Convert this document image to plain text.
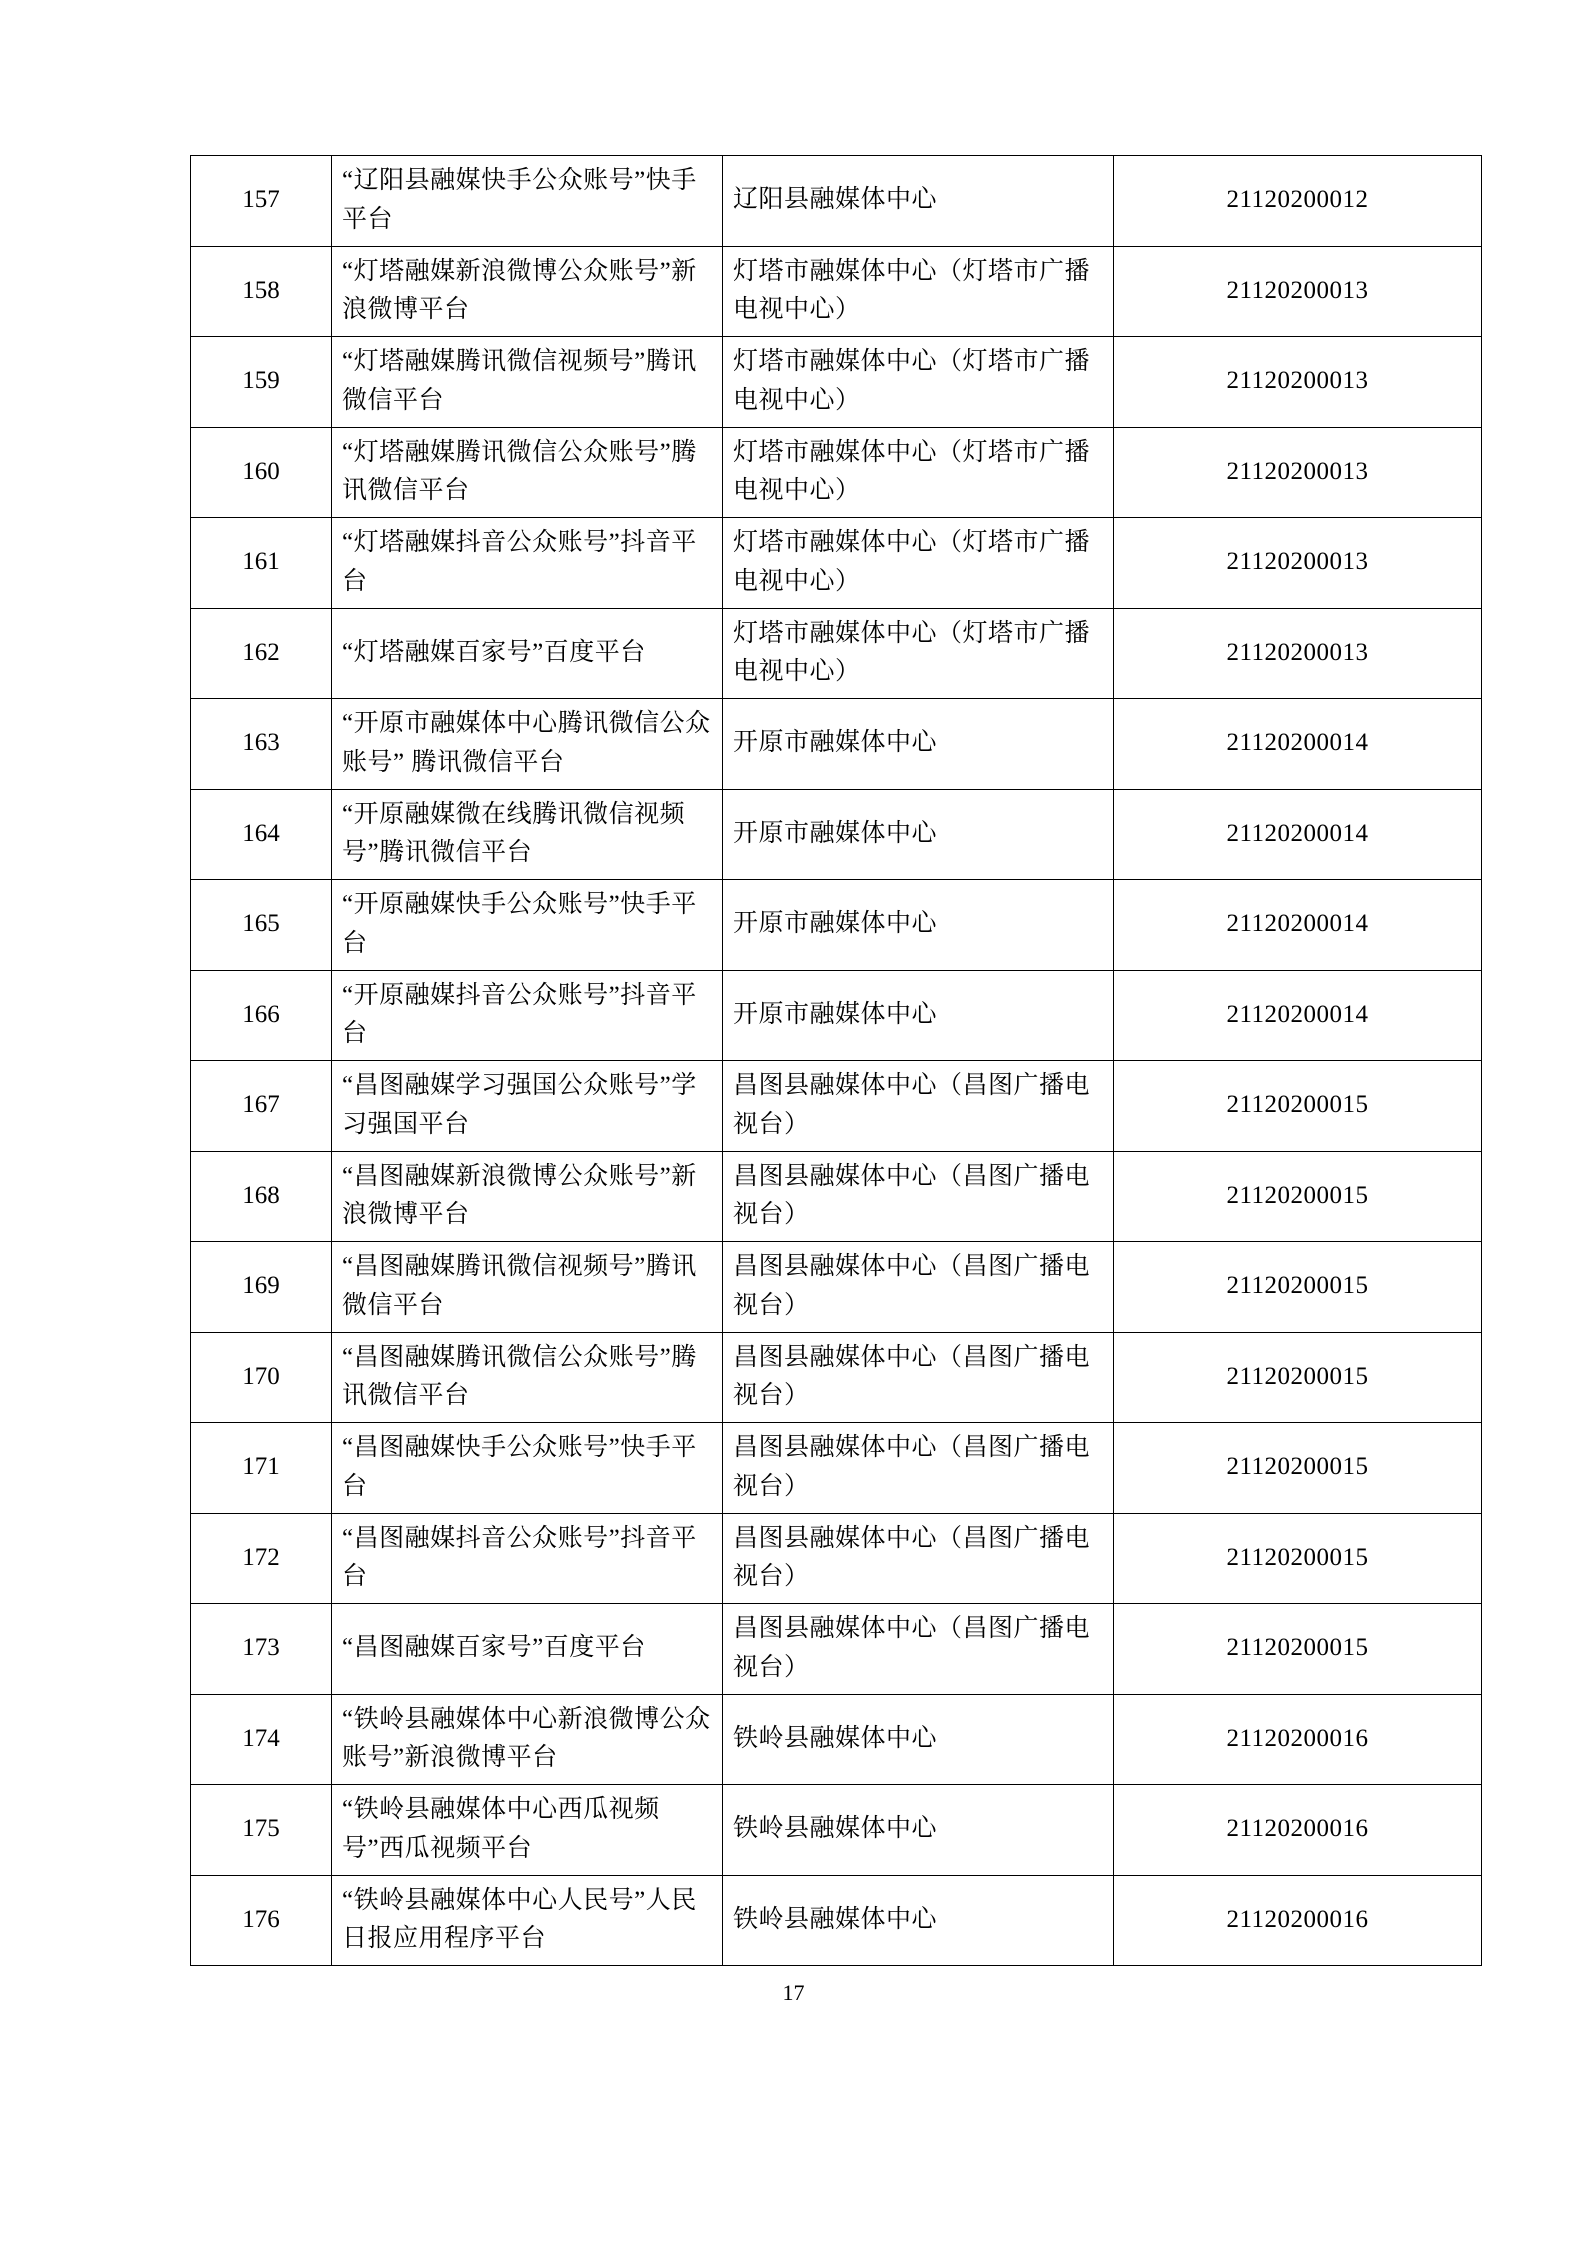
157	“辽阳县融媒快手公众账号”快手平台	辽阳县融媒体中心	21120200012
158	“灯塔融媒新浪微博公众账号”新浪微博平台	灯塔市融媒体中心（灯塔市广播电视中心）	21120200013
159	“灯塔融媒腾讯微信视频号”腾讯微信平台	灯塔市融媒体中心（灯塔市广播电视中心）	21120200013
160	“灯塔融媒腾讯微信公众账号”腾讯微信平台	灯塔市融媒体中心（灯塔市广播电视中心）	21120200013
161	“灯塔融媒抖音公众账号”抖音平台	灯塔市融媒体中心（灯塔市广播电视中心）	21120200013
162	“灯塔融媒百家号”百度平台	灯塔市融媒体中心（灯塔市广播电视中心）	21120200013
163	“开原市融媒体中心腾讯微信公众账号” 腾讯微信平台	开原市融媒体中心	21120200014
164	“开原融媒微在线腾讯微信视频号”腾讯微信平台	开原市融媒体中心	21120200014
165	“开原融媒快手公众账号”快手平台	开原市融媒体中心	21120200014
166	“开原融媒抖音公众账号”抖音平台	开原市融媒体中心	21120200014
167	“昌图融媒学习强国公众账号”学习强国平台	昌图县融媒体中心（昌图广播电视台）	21120200015
168	“昌图融媒新浪微博公众账号”新浪微博平台	昌图县融媒体中心（昌图广播电视台）	21120200015
169	“昌图融媒腾讯微信视频号”腾讯微信平台	昌图县融媒体中心（昌图广播电视台）	21120200015
170	“昌图融媒腾讯微信公众账号”腾讯微信平台	昌图县融媒体中心（昌图广播电视台）	21120200015
171	“昌图融媒快手公众账号”快手平台	昌图县融媒体中心（昌图广播电视台）	21120200015
172	“昌图融媒抖音公众账号”抖音平台	昌图县融媒体中心（昌图广播电视台）	21120200015
173	“昌图融媒百家号”百度平台	昌图县融媒体中心（昌图广播电视台）	21120200015
174	“铁岭县融媒体中心新浪微博公众账号”新浪微博平台	铁岭县融媒体中心	21120200016
175	“铁岭县融媒体中心西瓜视频号”西瓜视频平台	铁岭县融媒体中心	21120200016
176	“铁岭县融媒体中心人民号”人民日报应用程序平台	铁岭县融媒体中心	21120200016
17
